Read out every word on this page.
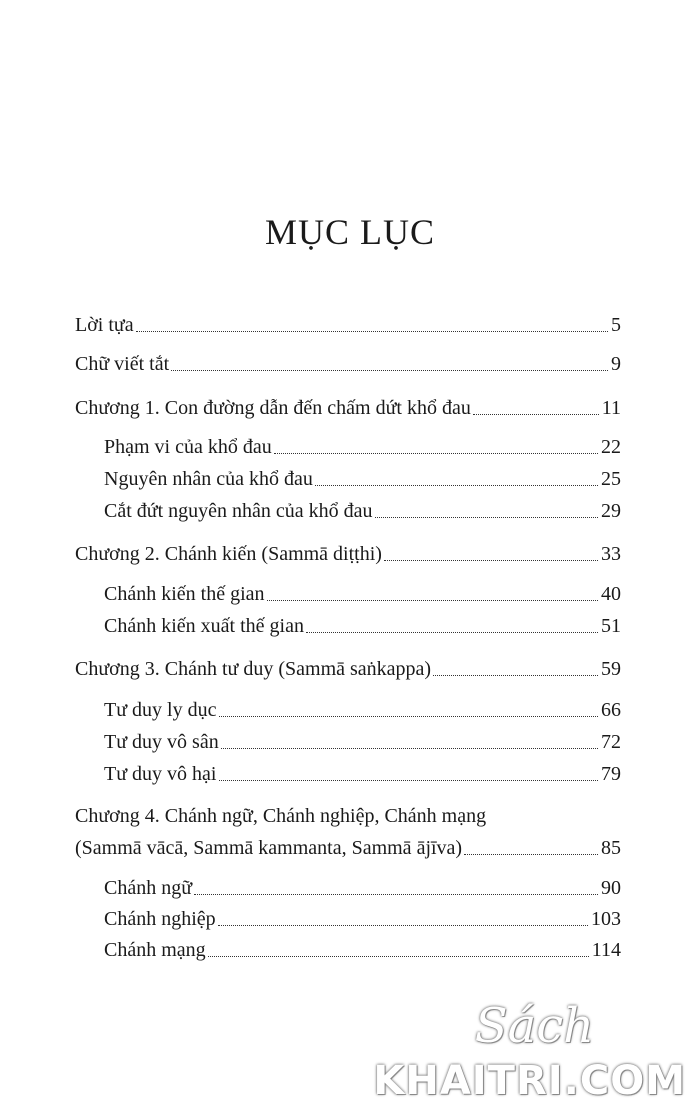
MỤC LỤC
Lời tựa	5
Chữ viết tắt	9
Chương 1. Con đường dẫn đến chấm dứt khổ đau	11
Phạm vi của khổ đau	22
Nguyên nhân của khổ đau	25
Cắt đứt nguyên nhân của khổ đau	29
Chương 2. Chánh kiến (Sammā diṭṭhi)	33
Chánh kiến thế gian	40
Chánh kiến xuất thế gian	51
Chương 3. Chánh tư duy (Sammā saṅkappa)	59
Tư duy ly dục	66
Tư duy vô sân	72
Tư duy vô hại	79
Chương 4. Chánh ngữ, Chánh nghiệp, Chánh mạng
(Sammā vācā, Sammā kammanta, Sammā ājīva)	85
Chánh ngữ	90
Chánh nghiệp	103
Chánh mạng	114
Sách
KHAITRI.COM
